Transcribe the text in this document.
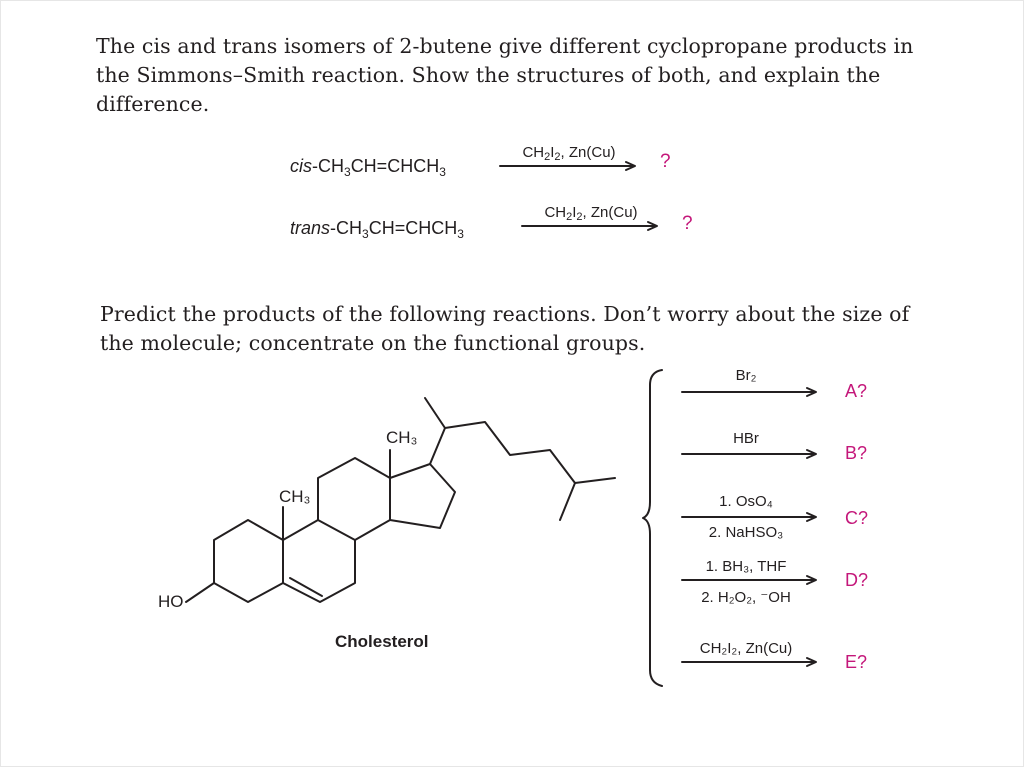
The cis and trans isomers of 2-butene give different cyclopropane products in the Simmons–Smith reaction. Show the structures of both, and explain the difference.

cis-$CH_3CH=CHCH_3$
$CH_2I_2$, Zn(Cu)	?
trans-$CH_3CH=CHCH_3$
$CH_2I_2$, Zn(Cu)
?

Predict the products of the following reactions. Don’t worry about the size of the molecule; concentrate on the functional groups.

CH₃
CH₃
HO
Cholesterol
Br₂
HBr
1. OsO₄
2. NaHSO₃
1. BH₃, THF
2. H₂O₂, ⁻OH
CH₂I₂, Zn(Cu)
A?
B?
C?
D?
E?
